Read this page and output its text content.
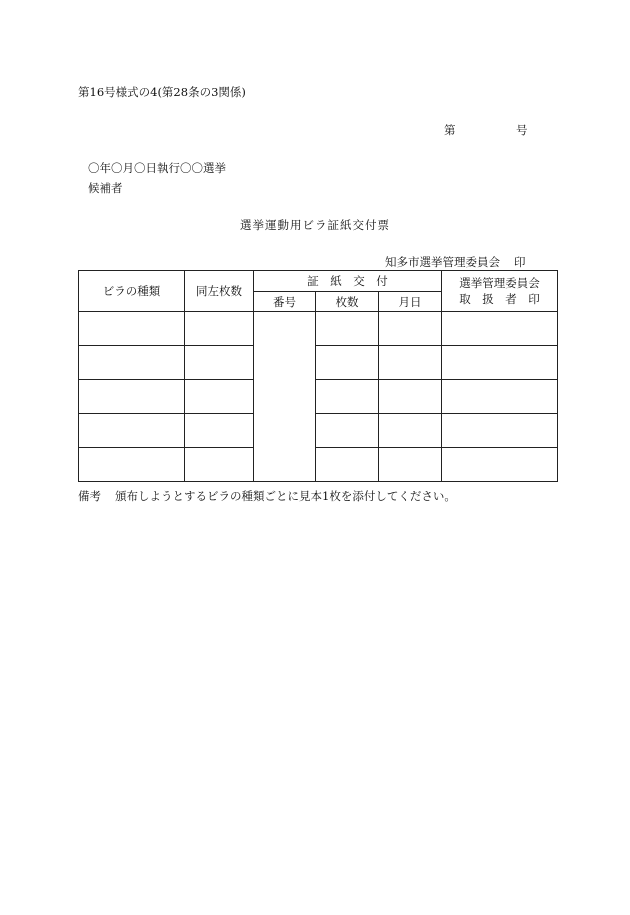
第16号様式の4(第28条の3関係)
第	号
〇年〇月〇日執行〇〇選挙
候補者
選挙運動用ビラ証紙交付票
知多市選挙管理委員会 印
ビラの種類	同左枚数	証　紙　交　付			選挙管理委員会
取　扱　者　印

		番号	枚数	月日	

備考 頒布しようとするビラの種類ごとに見本1枚を添付してください。
